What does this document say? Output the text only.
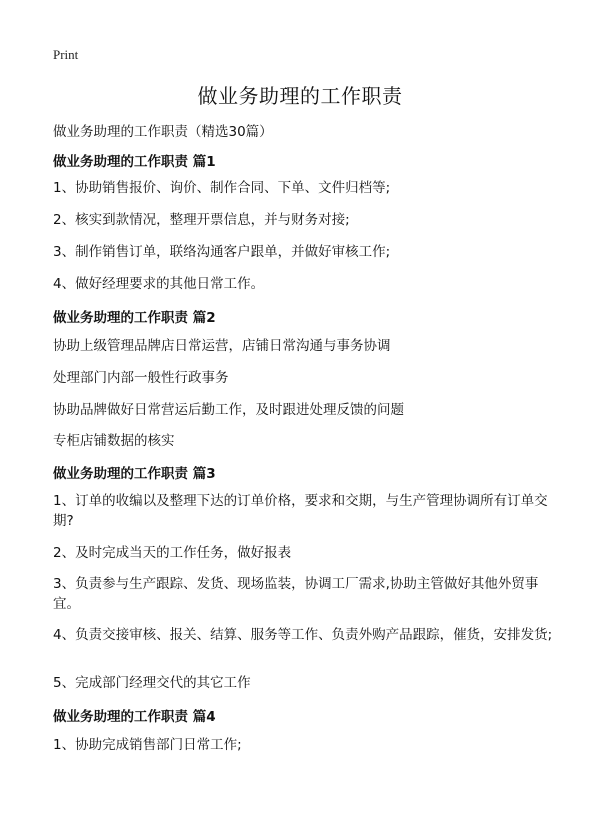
Print
做业务助理的工作职责
做业务助理的工作职责（精选30篇）
做业务助理的工作职责 篇1

1、协助销售报价、询价、制作合同、下单、文件归档等;

2、核实到款情况，整理开票信息，并与财务对接;

3、制作销售订单，联络沟通客户跟单，并做好审核工作;

4、做好经理要求的其他日常工作。

做业务助理的工作职责 篇2

协助上级管理品牌店日常运营，店铺日常沟通与事务协调

处理部门内部一般性行政事务

协助品牌做好日常营运后勤工作，及时跟进处理反馈的问题

专柜店铺数据的核实

做业务助理的工作职责 篇3

1、订单的收编以及整理下达的订单价格，要求和交期，与生产管理协调所有订单交期?

2、及时完成当天的工作任务，做好报表

3、负责参与生产跟踪、发货、现场监装，协调工厂需求,协助主管做好其他外贸事宜。

4、负责交接审核、报关、结算、服务等工作、负责外购产品跟踪，催货，安排发货;

5、完成部门经理交代的其它工作

做业务助理的工作职责 篇4

1、协助完成销售部门日常工作;
